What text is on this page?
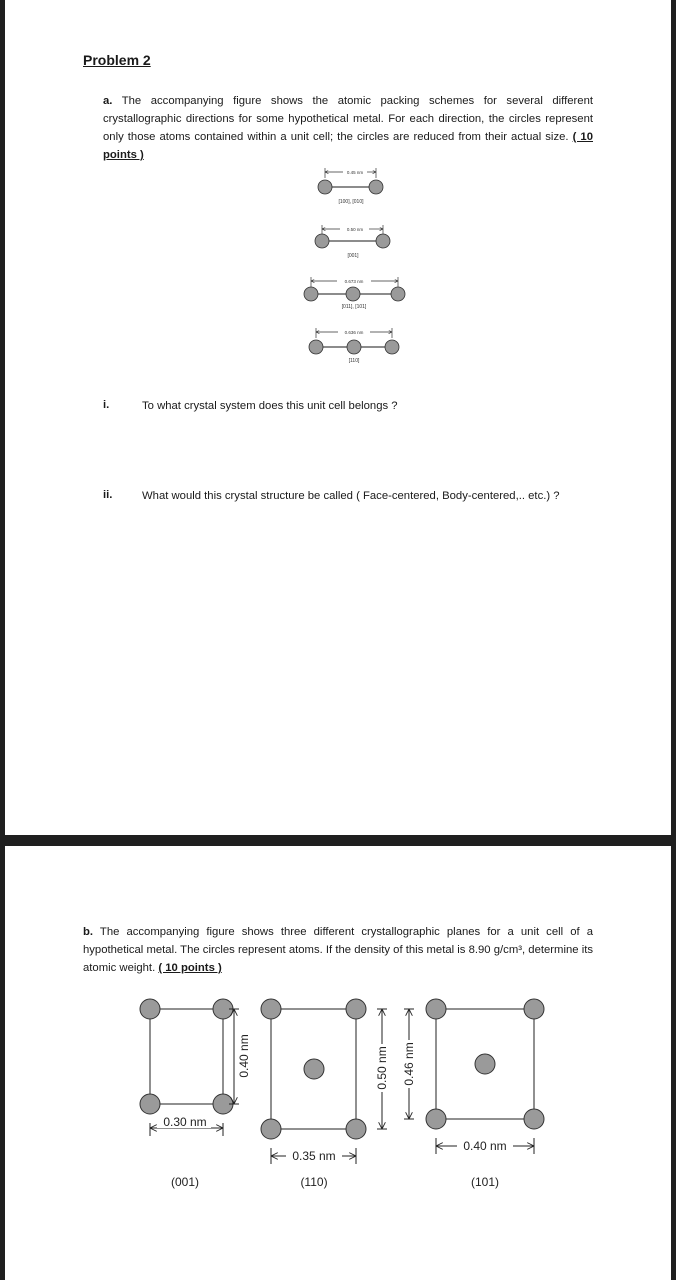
Problem 2
a. The accompanying figure shows the atomic packing schemes for several different crystallographic directions for some hypothetical metal. For each direction, the circles represent only those atoms contained within a unit cell; the circles are reduced from their actual size. ( 10 points )
0.45 nm
[100], [010]
0.50 nm
[001]
0.673 nm
[011], [101]
0.636 nm
[110]
i.	To what crystal system does this unit cell belongs ?
ii.	What would this crystal structure be called ( Face-centered, Body-centered,.. etc.) ?
b. The accompanying figure shows three different crystallographic planes for a unit cell of a hypothetical metal. The circles represent atoms. If the density of this metal is 8.90 g/cm³, determine its atomic weight. ( 10 points )
0.40 nm
0.30 nm
(001)
0.50 nm
0.35 nm
(110)
0.46 nm
0.40 nm
(101)
